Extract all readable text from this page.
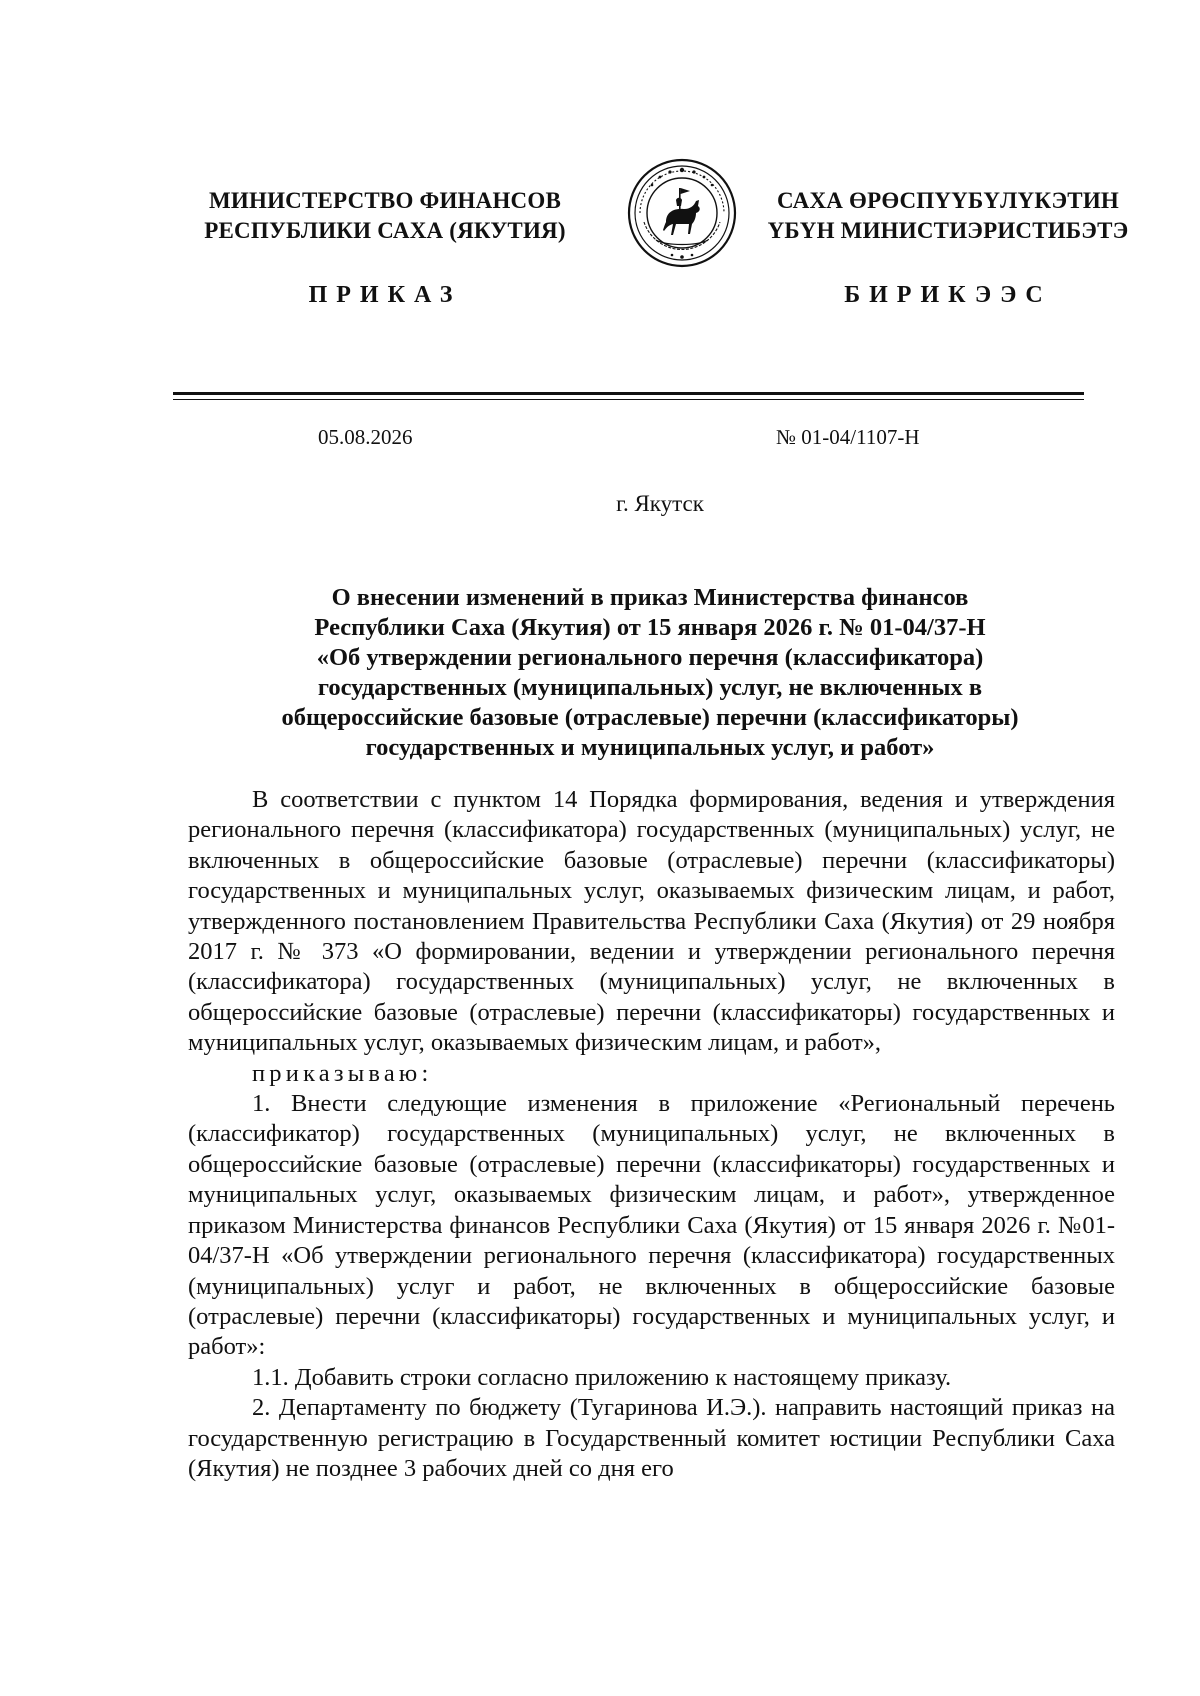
МИНИСТЕРСТВО ФИНАНСОВ
РЕСПУБЛИКИ САХА (ЯКУТИЯ)
САХА ӨРӨСПҮҮБҮЛҮКЭТИН
ҮБҮН МИНИСТИЭРИСТИБЭТЭ
ПРИКАЗ	БИРИКЭЭС
05.08.2026	№ 01-04/1107-Н
г. Якутск
О внесении изменений в приказ Министерства финансов
Республики Саха (Якутия) от 15 января 2026 г. № 01-04/37-Н
«Об утверждении регионального перечня (классификатора)
государственных (муниципальных) услуг, не включенных в
общероссийские базовые (отраслевые) перечни (классификаторы)
государственных и муниципальных услуг, и работ»

В соответствии с пунктом 14 Порядка формирования, ведения и утверждения регионального перечня (классификатора) государственных (муниципальных) услуг, не включенных в общероссийские базовые (отраслевые) перечни (классификаторы) государственных и муниципальных услуг, оказываемых физическим лицам, и работ, утвержденного постановлением Правительства Республики Саха (Якутия) от 29 ноября 2017 г. № 373 «О формировании, ведении и утверждении регионального перечня (классификатора) государственных (муниципальных) услуг, не включенных в общероссийские базовые (отраслевые) перечни (классификаторы) государственных и муниципальных услуг, оказываемых физическим лицам, и работ»,

приказываю:

1. Внести следующие изменения в приложение «Региональный перечень (классификатор) государственных (муниципальных) услуг, не включенных в общероссийские базовые (отраслевые) перечни (классификаторы) государственных и муниципальных услуг, оказываемых физическим лицам, и работ», утвержденное приказом Министерства финансов Республики Саха (Якутия) от 15 января 2026 г. №01-04/37-Н «Об утверждении регионального перечня (классификатора) государственных (муниципальных) услуг и работ, не включенных в общероссийские базовые (отраслевые) перечни (классификаторы) государственных и муниципальных услуг, и работ»:

1.1. Добавить строки согласно приложению к настоящему приказу.

2. Департаменту по бюджету (Тугаринова И.Э.). направить настоящий приказ на государственную регистрацию в Государственный комитет юстиции Республики Саха (Якутия) не позднее 3 рабочих дней со дня его
